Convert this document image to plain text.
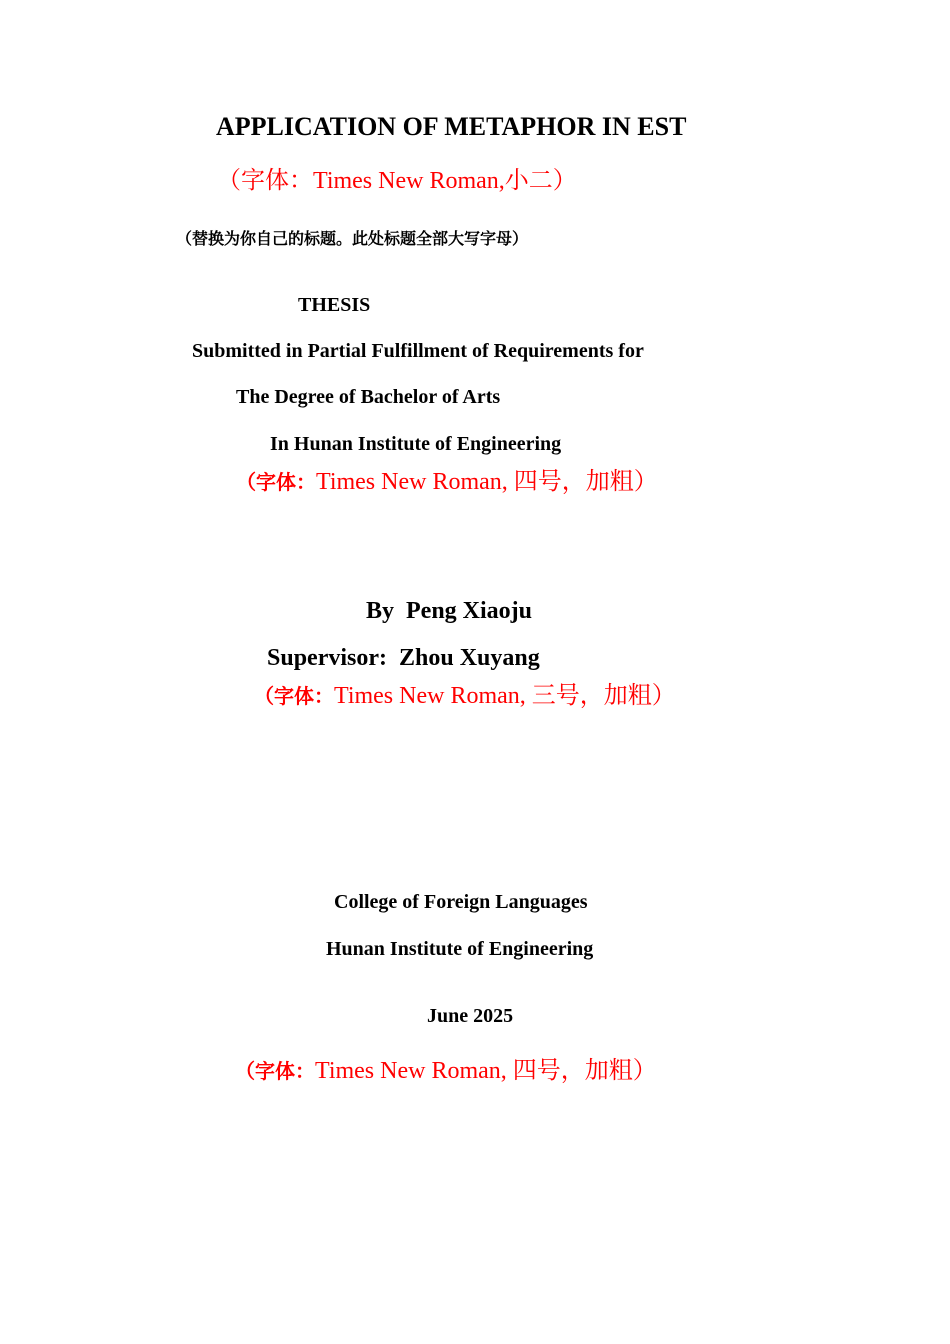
APPLICATION OF METAPHOR IN EST
（字体：Times New Roman,小二）
（替换为你自己的标题。此处标题全部大写字母）
THESIS
Submitted in Partial Fulfillment of Requirements for
The Degree of Bachelor of Arts
In Hunan Institute of Engineering
（字体：Times New Roman, 四号，加粗）
By  Peng Xiaoju
Supervisor:  Zhou Xuyang
（字体：Times New Roman, 三号，加粗）
College of Foreign Languages
Hunan Institute of Engineering
June 2025
（字体：Times New Roman, 四号，加粗）
